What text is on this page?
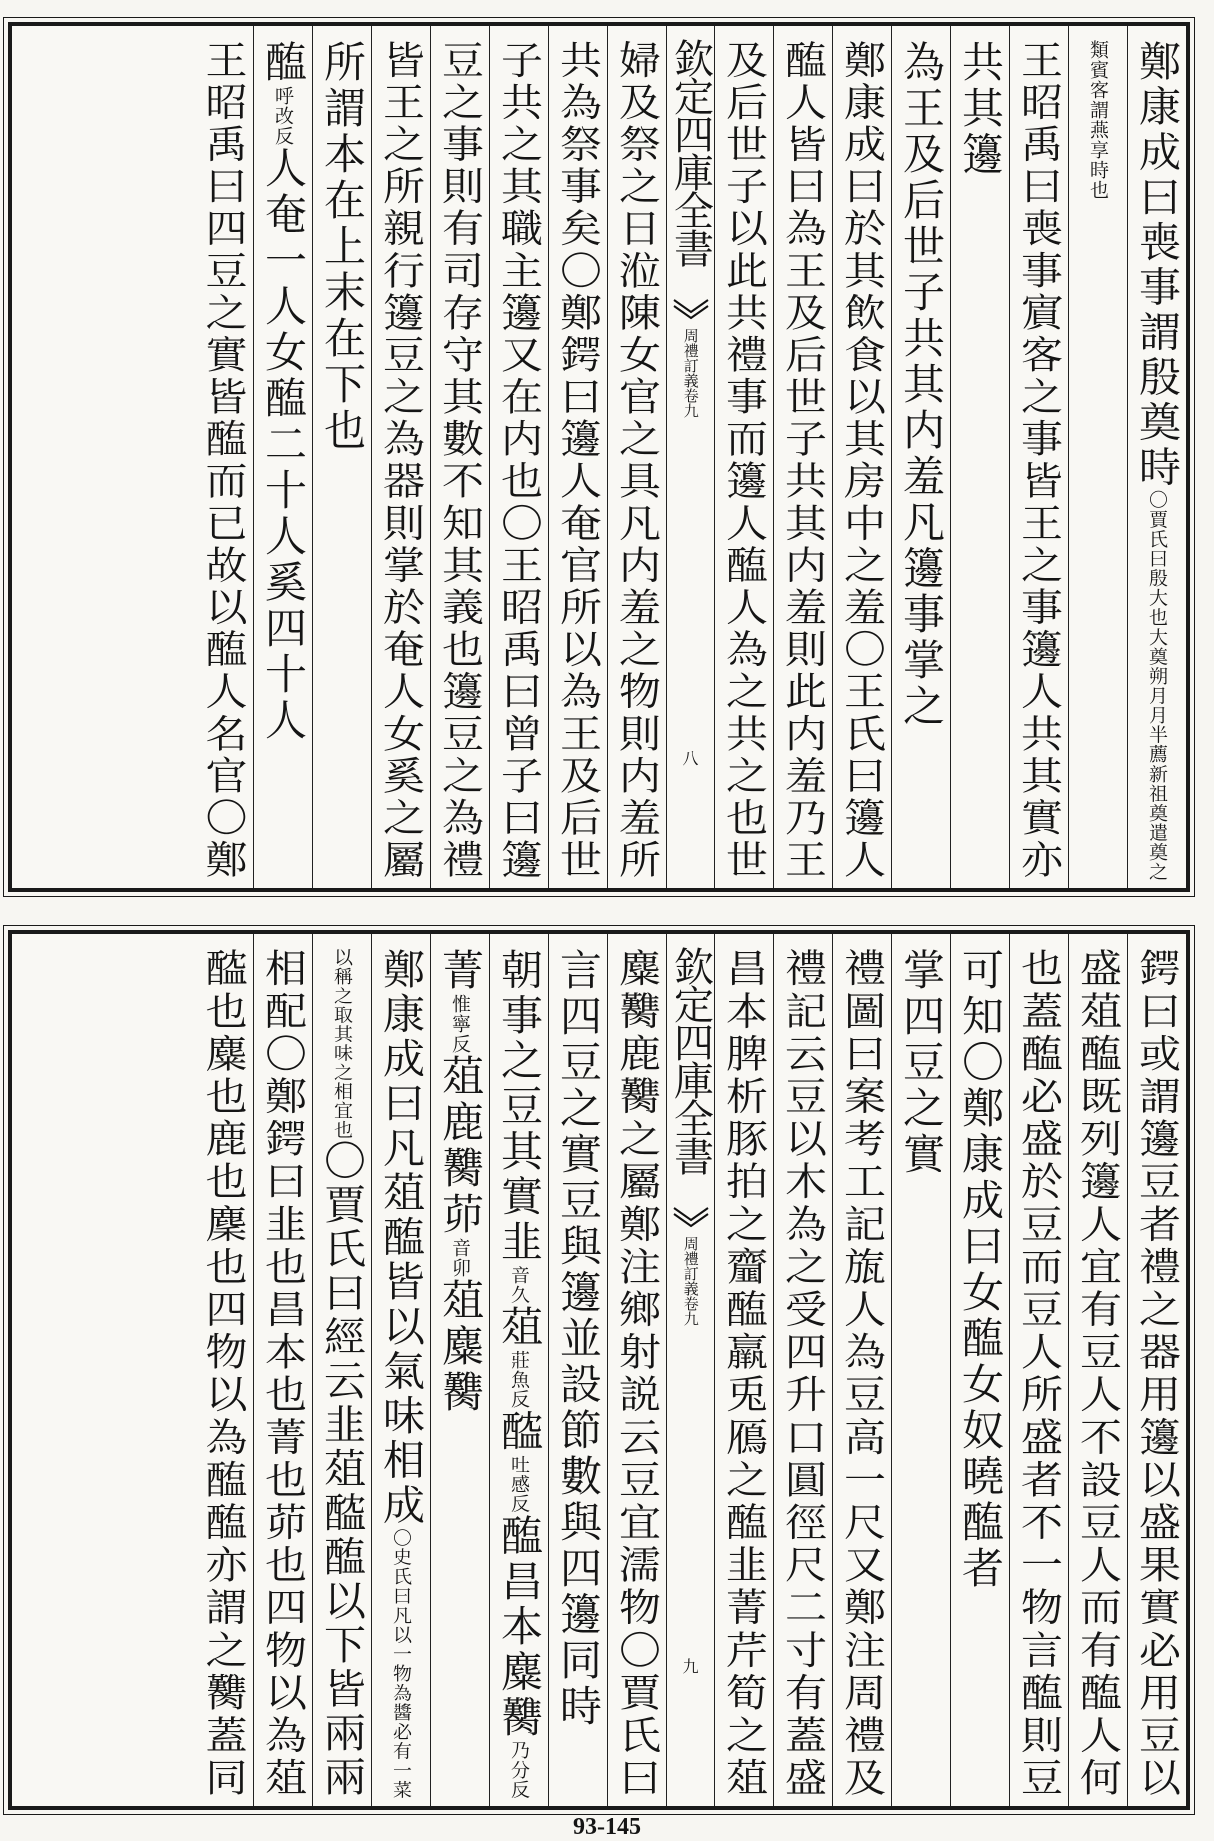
鄭康成曰喪事謂殷奠時〇賈氏曰殷大也大奠朔月月半薦新祖奠遣奠之
類賓客謂燕享時也
王昭禹曰喪事賔客之事皆王之事籩人共其實亦
共其籩
為王及后世子共其内羞凡籩事掌之
鄭康成曰於其飲食以其房中之羞〇王氏曰籩人
醢人皆曰為王及后世子共其内羞則此内羞乃王
及后世子以此共禮事而籩人醢人為之共之也世
欽定四庫全書
周禮訂義卷九
八
婦及祭之日涖陳女官之具凡内羞之物則内羞所
共為祭事矣〇鄭鍔曰籩人奄官所以為王及后世
子共之其職主籩又在内也〇王昭禹曰曾子曰籩
豆之事則有司存守其數不知其義也籩豆之為禮
皆王之所親行籩豆之為器則掌於奄人女奚之屬
所謂本在上末在下也
醢呼改反人奄一人女醢二十人奚四十人
王昭禹曰四豆之實皆醢而已故以醢人名官〇鄭
鍔曰或謂籩豆者禮之器用籩以盛果實必用豆以
盛葅醢既列籩人宜有豆人不設豆人而有醢人何
也蓋醢必盛於豆而豆人所盛者不一物言醢則豆
可知〇鄭康成曰女醢女奴曉醢者
掌四豆之實
禮圖曰案考工記旊人為豆高一尺又鄭注周禮及
禮記云豆以木為之受四升口圓徑尺二寸有蓋盛
昌本脾析豚拍之齏醢羸兎鴈之醢韭菁芹筍之葅
欽定四庫全書
周禮訂義卷九
九
麋臡鹿臡之屬鄭注鄉射説云豆宜濡物〇賈氏曰
言四豆之實豆與籩並設節數與四籩同時
朝事之豆其實韭音久葅莊魚反醓吐感反醢昌本麋臡乃分反
菁惟寧反葅鹿臡茆音卯葅麋臡
鄭康成曰凡葅醢皆以氣味相成〇史氏曰凡以一物為醬必有一菜
以稱之取其味之相宜也〇賈氏曰經云韭葅醓醢以下皆兩兩
相配〇鄭鍔曰韭也昌本也菁也茆也四物以為葅
醓也麋也鹿也麇也四物以為醢醢亦謂之臡蓋同
93-145
